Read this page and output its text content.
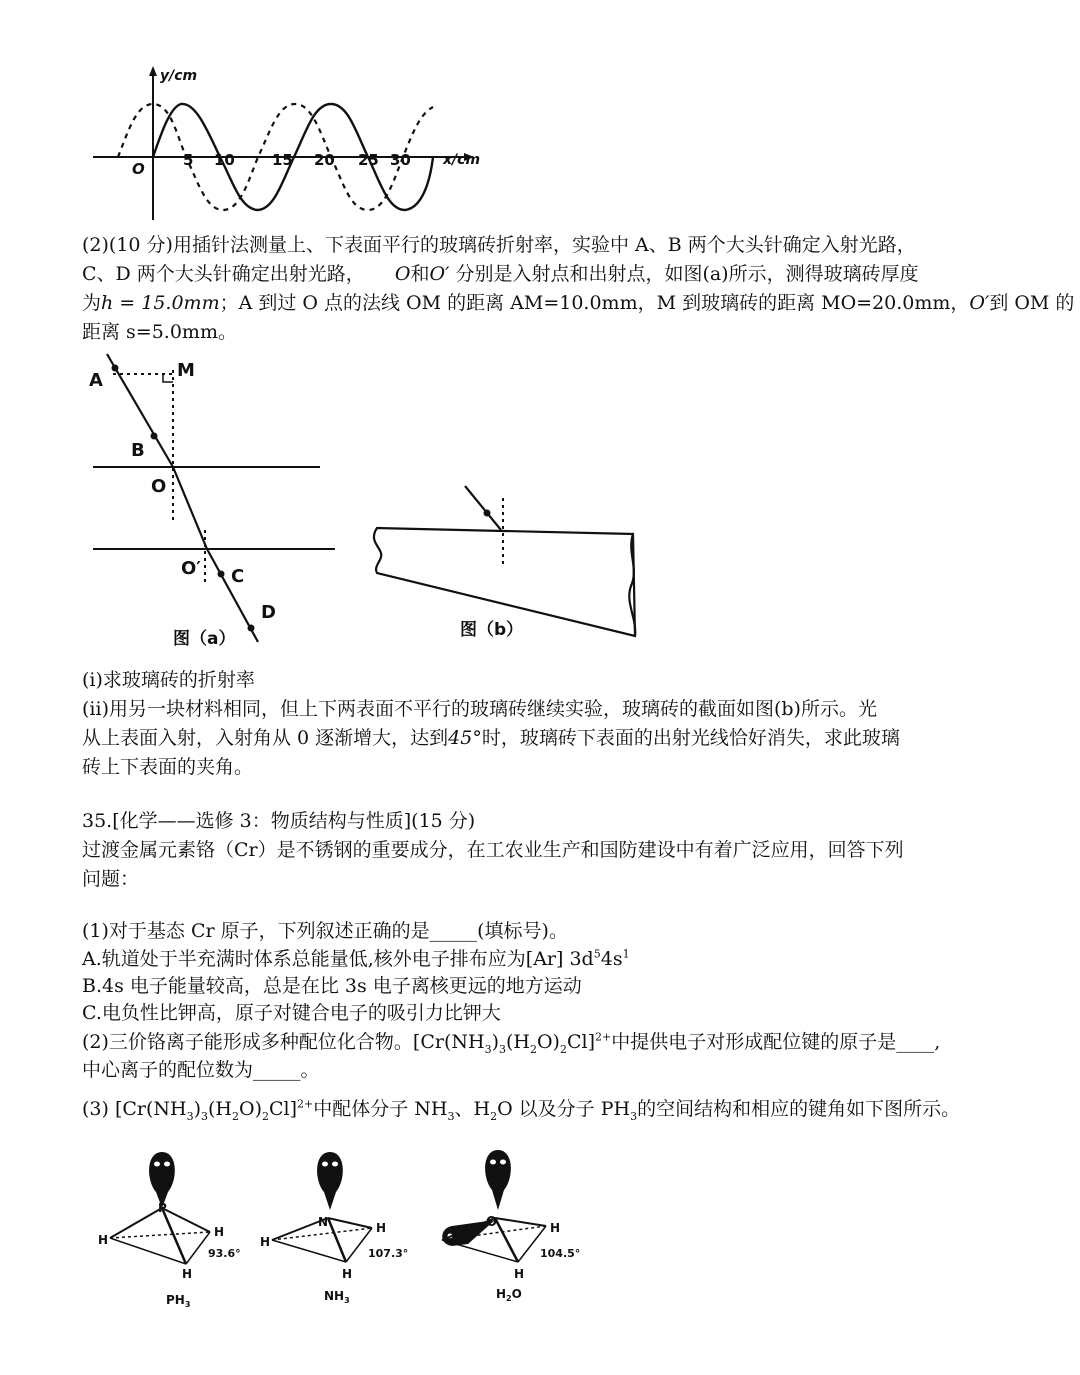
y/cm
x/cm
O	5 10 15 20 25 30
(2)(10 分)用插针法测量上、下表面平行的玻璃砖折射率，实验中 A、B 两个大头针确定入射光路，
C、D 两个大头针确定出射光路， O和O′ 分别是入射点和出射点，如图(a)所示，测得玻璃砖厚度
为h = 15.0mm；A 到过 O 点的法线 OM 的距离 AM=10.0mm，M 到玻璃砖的距离 MO=20.0mm，O′到 OM 的
距离 s=5.0mm。
A	M
B
O
O′ C
D
图（a）	图（b）
(i)求玻璃砖的折射率
(ii)用另一块材料相同，但上下两表面不平行的玻璃砖继续实验，玻璃砖的截面如图(b)所示。光
从上表面入射，入射角从 0 逐渐增大，达到45°时，玻璃砖下表面的出射光线恰好消失，求此玻璃
砖上下表面的夹角。
35.[化学——选修 3：物质结构与性质](15 分)
过渡金属元素铬（Cr）是不锈钢的重要成分，在工农业生产和国防建设中有着广泛应用，回答下列
问题：
(1)对于基态 Cr 原子，下列叙述正确的是_____(填标号)。
A.轨道处于半充满时体系总能量低,核外电子排布应为[Ar] $3d^54s^1$
B.4s 电子能量较高，总是在比 3s 电子离核更远的地方运动
C.电负性比钾高，原子对键合电子的吸引力比钾大
(2)三价铬离子能形成多种配位化合物。$[Cr(NH_3)_3(H_2O)_2Cl]^{2+}$中提供电子对形成配位键的原子是____,
中心离子的配位数为_____。
(3) $[Cr(NH_3)_3(H_2O)_2Cl]^{2+}$中配体分子 $NH_3$、$H_2O$ 以及分子 $PH_3$的空间结构和相应的键角如下图所示。
P
H
H
H
93.6°
$PH_3$
N
H
H
H
107.3°
$NH_3$
O	H
H
104.5°
$H_2O$
